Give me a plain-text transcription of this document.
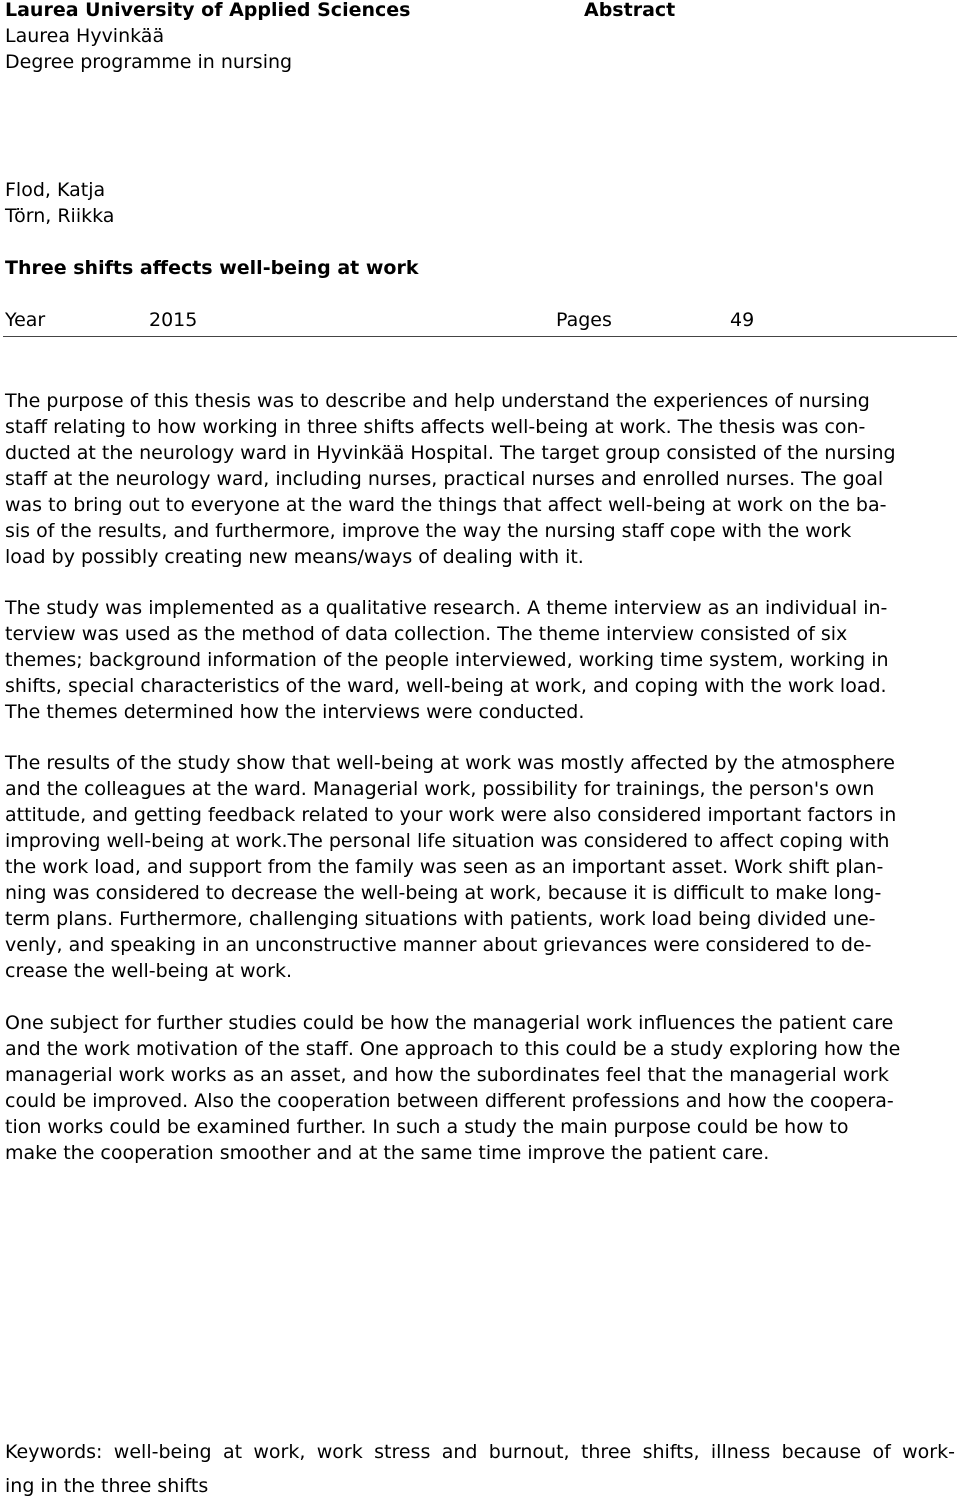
Laurea University of Applied Sciences
Laurea Hyvinkää
Degree programme in nursing
Abstract
Flod, Katja
Törn, Riikka
Three shifts affects well-being at work
Year	2015	Pages	49
The purpose of this thesis was to describe and help understand the experiences of nursing
staff relating to how working in three shifts affects well-being at work. The thesis was con-
ducted at the neurology ward in Hyvinkää Hospital. The target group consisted of the nursing
staff at the neurology ward, including nurses, practical nurses and enrolled nurses. The goal
was to bring out to everyone at the ward the things that affect well-being at work on the ba-
sis of the results, and furthermore, improve the way the nursing staff cope with the work
load by possibly creating new means/ways of dealing with it.
The study was implemented as a qualitative research. A theme interview as an individual in-
terview was used as the method of data collection. The theme interview consisted of six
themes; background information of the people interviewed, working time system, working in
shifts, special characteristics of the ward, well-being at work, and coping with the work load.
The themes determined how the interviews were conducted.
The results of the study show that well-being at work was mostly affected by the atmosphere
and the colleagues at the ward. Managerial work, possibility for trainings, the person's own
attitude, and getting feedback related to your work were also considered important factors in
improving well-being at work.The personal life situation was considered to affect coping with
the work load, and support from the family was seen as an important asset. Work shift plan-
ning was considered to decrease the well-being at work, because it is difficult to make long-
term plans. Furthermore, challenging situations with patients, work load being divided une-
venly, and speaking in an unconstructive manner about grievances were considered to de-
crease the well-being at work.
One subject for further studies could be how the managerial work influences the patient care
and the work motivation of the staff. One approach to this could be a study exploring how the
managerial work works as an asset, and how the subordinates feel that the managerial work
could be improved. Also the cooperation between different professions and how the coopera-
tion works could be examined further. In such a study the main purpose could be how to
make the cooperation smoother and at the same time improve the patient care.
Keywords: well-being at work, work stress and burnout, three shifts, illness because of work-
ing in the three shifts
